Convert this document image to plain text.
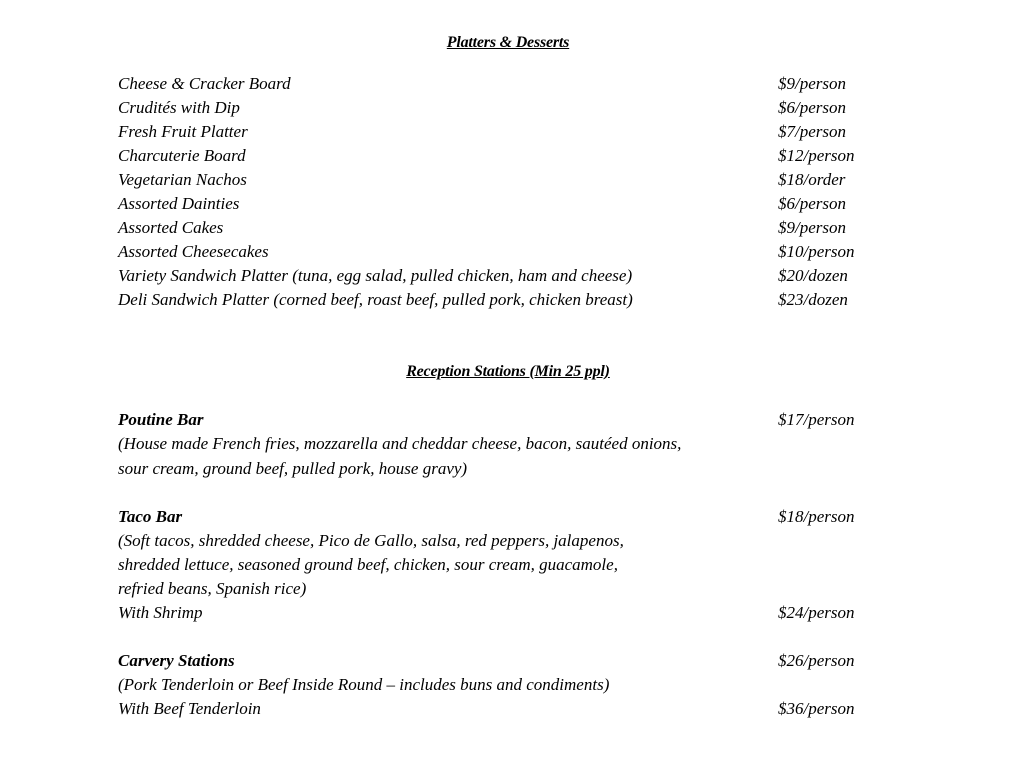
Platters & Desserts
Cheese & Cracker Board	$9/person
Crudités with Dip	$6/person
Fresh Fruit Platter	$7/person
Charcuterie Board	$12/person
Vegetarian Nachos	$18/order
Assorted Dainties	$6/person
Assorted Cakes	$9/person
Assorted Cheesecakes	$10/person
Variety Sandwich Platter (tuna, egg salad, pulled chicken, ham and cheese)	$20/dozen
Deli Sandwich Platter (corned beef, roast beef, pulled pork, chicken breast)	$23/dozen
Reception Stations (Min 25 ppl)
Poutine Bar	$17/person
(House made French fries, mozzarella and cheddar cheese, bacon, sautéed onions,
sour cream, ground beef, pulled pork, house gravy)
Taco Bar	$18/person
(Soft tacos, shredded cheese, Pico de Gallo, salsa, red peppers, jalapenos,
shredded lettuce, seasoned ground beef, chicken, sour cream, guacamole,
refried beans, Spanish rice)
With Shrimp	$24/person
Carvery Stations	$26/person
(Pork Tenderloin or Beef Inside Round – includes buns and condiments)
With Beef Tenderloin	$36/person
